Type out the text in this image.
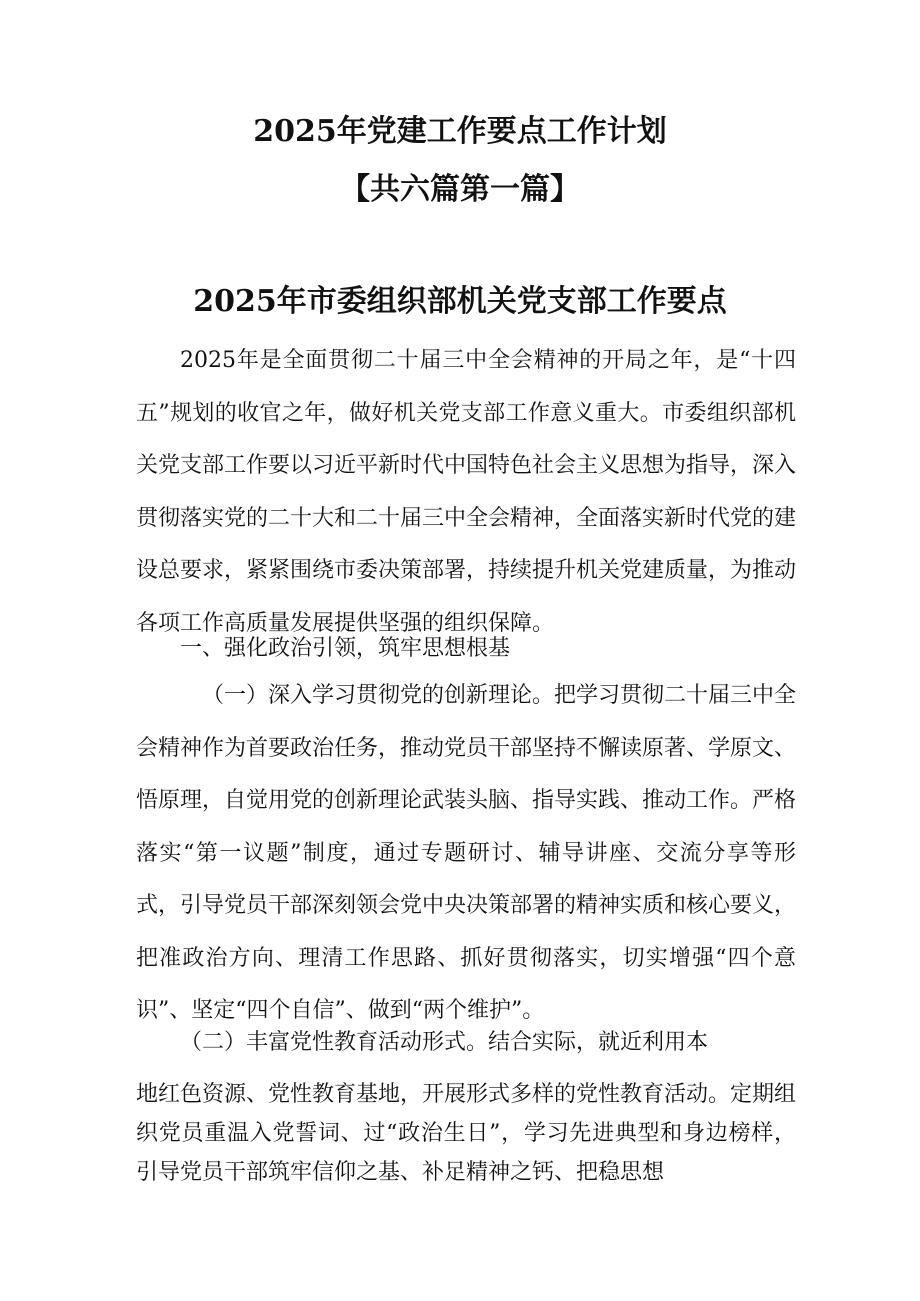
2025年党建工作要点工作计划
【共六篇第一篇】
2025年市委组织部机关党支部工作要点

2025年是全面贯彻二十届三中全会精神的开局之年，是“十四五”规划的收官之年，做好机关党支部工作意义重大。市委组织部机关党支部工作要以习近平新时代中国特色社会主义思想为指导，深入贯彻落实党的二十大和二十届三中全会精神，全面落实新时代党的建设总要求，紧紧围绕市委决策部署，持续提升机关党建质量，为推动各项工作高质量发展提供坚强的组织保障。

一、强化政治引领，筑牢思想根基

（一）深入学习贯彻党的创新理论。把学习贯彻二十届三中全会精神作为首要政治任务，推动党员干部坚持不懈读原著、学原文、悟原理，自觉用党的创新理论武装头脑、指导实践、推动工作。严格落实“第一议题”制度，通过专题研讨、辅导讲座、交流分享等形式，引导党员干部深刻领会党中央决策部署的精神实质和核心要义，把准政治方向、理清工作思路、抓好贯彻落实，切实增强“四个意识”、坚定“四个自信”、做到“两个维护”。

（二）丰富党性教育活动形式。结合实际，就近利用本

地红色资源、党性教育基地，开展形式多样的党性教育活动。定期组织党员重温入党誓词、过“政治生日”，学习先进典型和身边榜样，引导党员干部筑牢信仰之基、补足精神之钙、把稳思想
